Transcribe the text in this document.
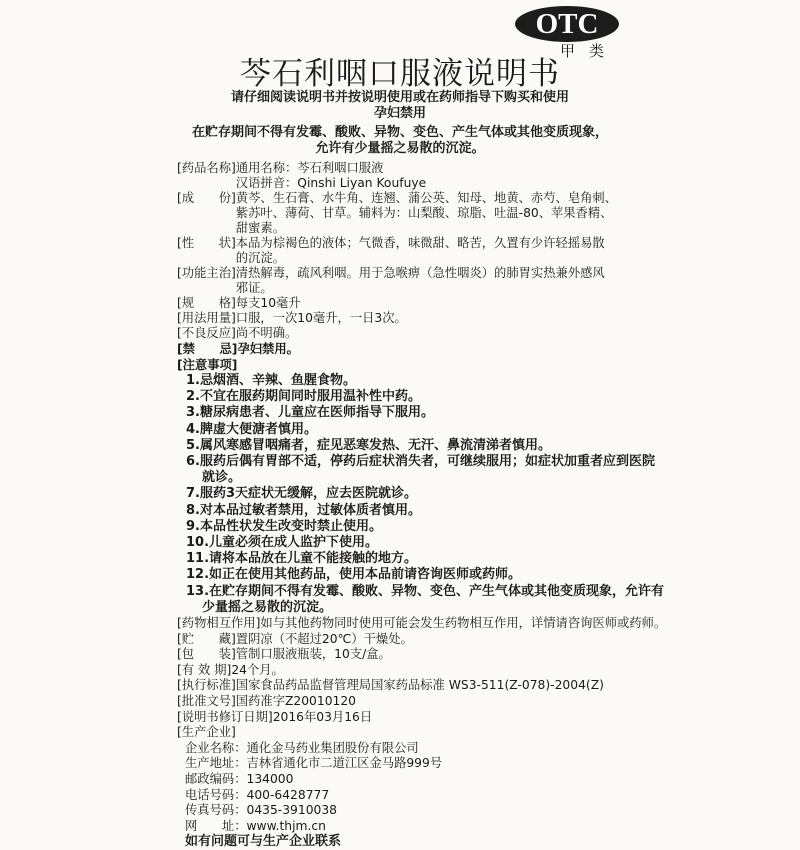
OTC
甲类
芩石利咽口服液说明书
请仔细阅读说明书并按说明使用或在药师指导下购买和使用
孕妇禁用
在贮存期间不得有发霉、酸败、异物、变色、产生气体或其他变质现象，
允许有少量摇之易散的沉淀。
[药品名称] 通用名称：芩石利咽口服液
汉语拼音：Qinshi Liyan Koufuye
[成　　份] 黄芩、生石膏、水牛角、连翘、蒲公英、知母、地黄、赤芍、皂角刺、
紫苏叶、薄荷、甘草。辅料为：山梨酸、琼脂、吐温-80、苹果香精、
甜蜜素。
[性　　状] 本品为棕褐色的液体；气微香，味微甜、略苦，久置有少许轻摇易散
的沉淀。
[功能主治] 清热解毒，疏风利咽。用于急喉痹（急性咽炎）的肺胃实热兼外感风
邪证。
[规　　格] 每支10毫升
[用法用量] 口服，一次10毫升，一日3次。
[不良反应] 尚不明确。
[禁　　忌] 孕妇禁用。
[注意事项]
1.忌烟酒、辛辣、鱼腥食物。
2.不宜在服药期间同时服用温补性中药。
3.糖尿病患者、儿童应在医师指导下服用。
4.脾虚大便溏者慎用。
5.属风寒感冒咽痛者，症见恶寒发热、无汗、鼻流清涕者慎用。
6.服药后偶有胃部不适，停药后症状消失者，可继续服用；如症状加重者应到医院就诊。
7.服药3天症状无缓解，应去医院就诊。
8.对本品过敏者禁用，过敏体质者慎用。
9.本品性状发生改变时禁止使用。
10.儿童必须在成人监护下使用。
11.请将本品放在儿童不能接触的地方。
12.如正在使用其他药品，使用本品前请咨询医师或药师。
13.在贮存期间不得有发霉、酸败、异物、变色、产生气体或其他变质现象，允许有少量摇之易散的沉淀。
[药物相互作用] 如与其他药物同时使用可能会发生药物相互作用，详情请咨询医师或药师。
[贮　　藏] 置阴凉（不超过20℃）干燥处。
[包　　装] 管制口服液瓶装，10支/盒。
[有 效 期] 24个月。
[执行标准] 国家食品药品监督管理局国家药品标准 WS3-511(Z-078)-2004(Z)
[批准文号] 国药准字Z20010120
[说明书修订日期] 2016年03月16日
[生产企业]
企业名称： 通化金马药业集团股份有限公司
生产地址： 吉林省通化市二道江区金马路999号
邮政编码： 134000
电话号码： 400-6428777
传真号码： 0435-3910038
网　　址： www.thjm.cn
如有问题可与生产企业联系
